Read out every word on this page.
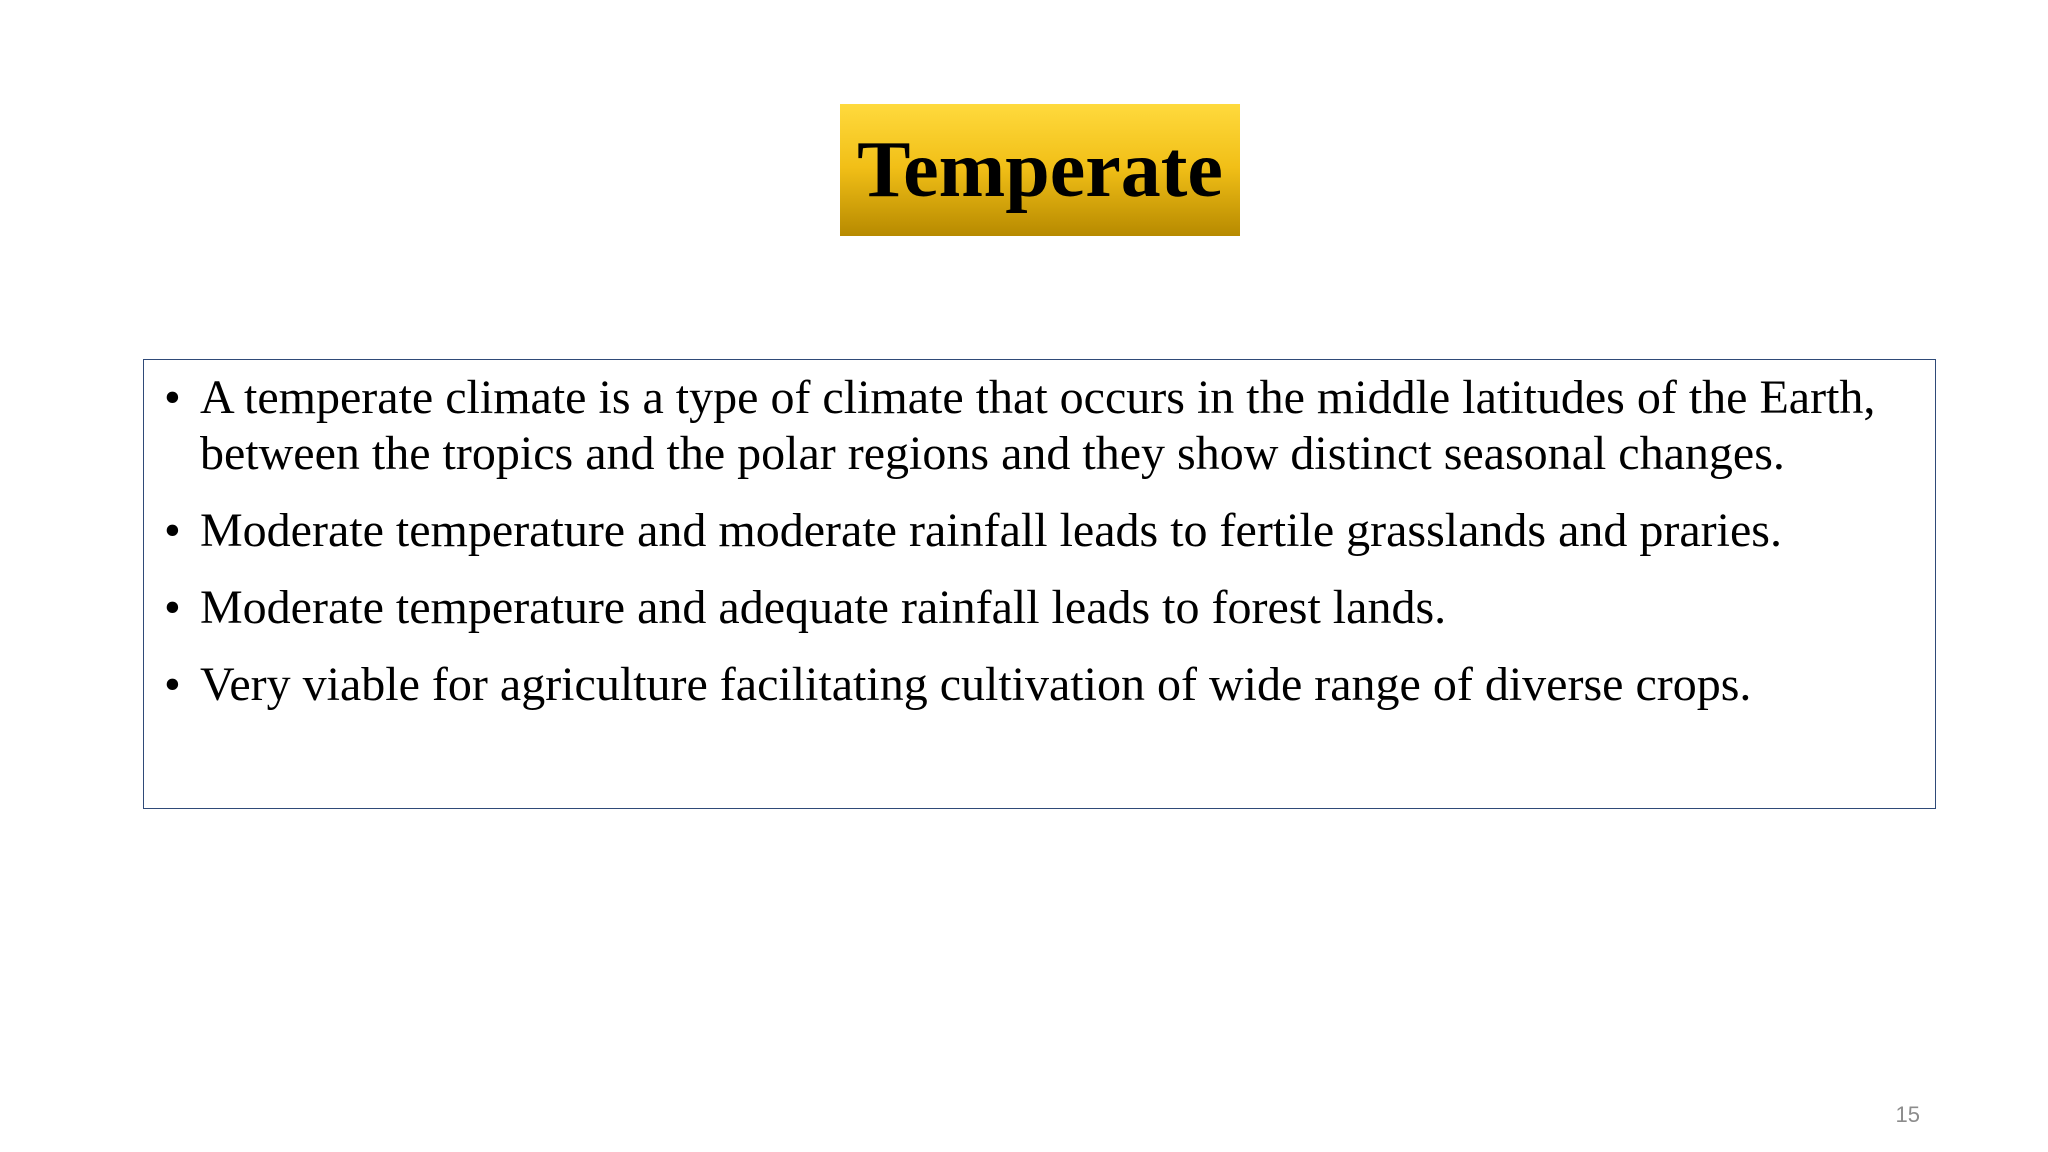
Temperate
• A temperate climate is a type of climate that occurs in the middle latitudes of the Earth, between the tropics and the polar regions and they show distinct seasonal changes.
• Moderate temperature and moderate rainfall leads to fertile grasslands and praries.
• Moderate temperature and adequate rainfall leads to forest lands.
• Very viable for agriculture facilitating cultivation of wide range of diverse crops.
15
